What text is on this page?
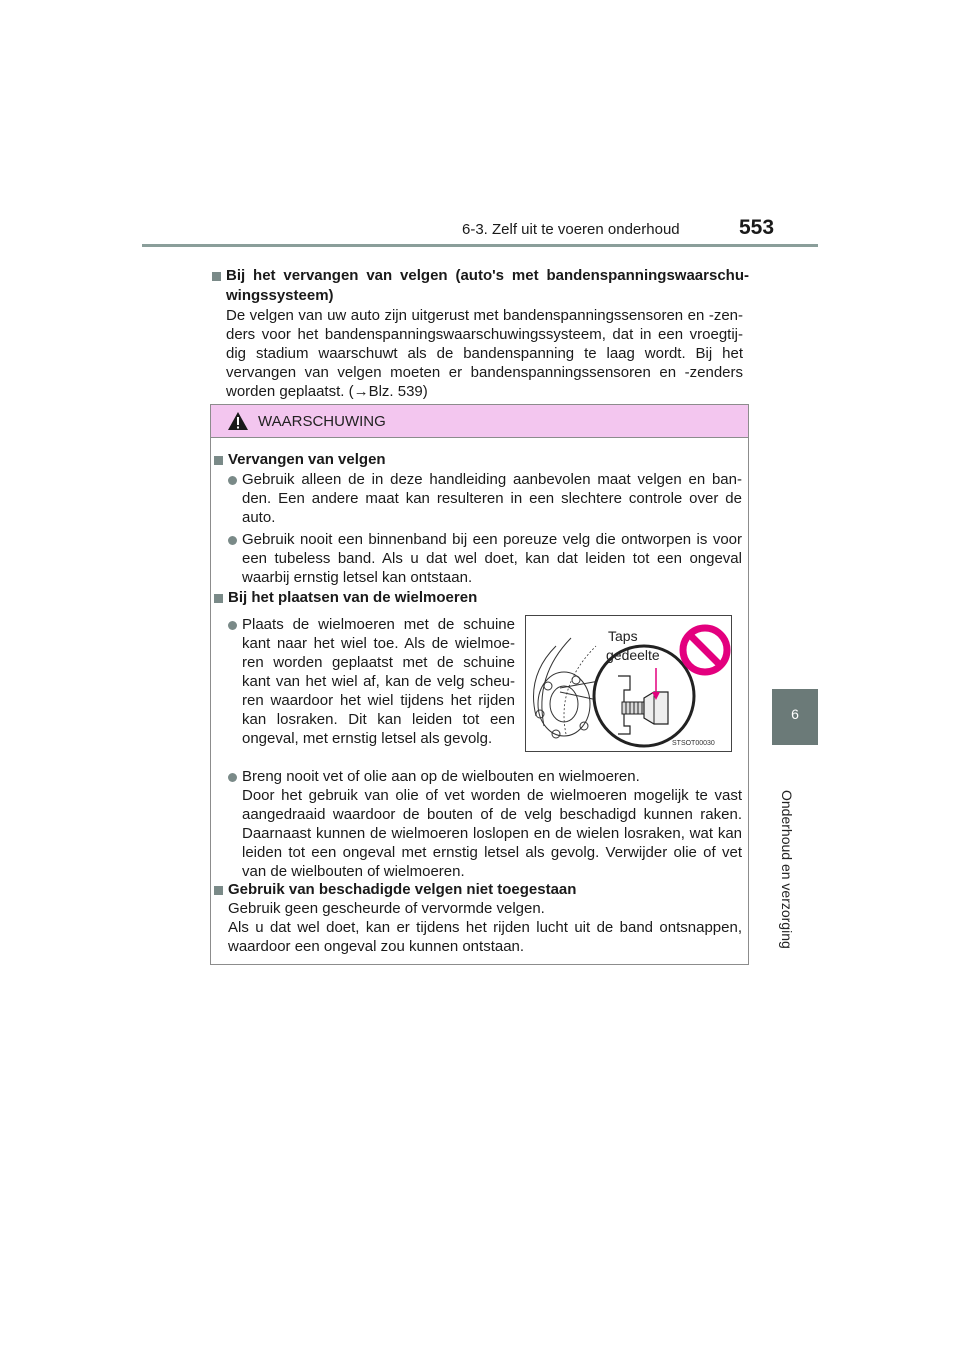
6-3. Zelf uit te voeren onderhoud	553
6
Onderhoud en verzorging
Bij het vervangen van velgen (auto's met bandenspanningswaarschu-
wingssysteem)
De velgen van uw auto zijn uitgerust met bandenspanningssensoren en -zen-
ders voor het bandenspanningswaarschuwingssysteem, dat in een vroegtij-
dig stadium waarschuwt als de bandenspanning te laag wordt. Bij het
vervangen van velgen moeten er bandenspanningssensoren en -zenders
worden geplaatst. (→Blz. 539)
WAARSCHUWING
Vervangen van velgen
Gebruik alleen de in deze handleiding aanbevolen maat velgen en ban-
den. Een andere maat kan resulteren in een slechtere controle over de
auto.
Gebruik nooit een binnenband bij een poreuze velg die ontworpen is voor
een tubeless band. Als u dat wel doet, kan dat leiden tot een ongeval
waarbij ernstig letsel kan ontstaan.
Bij het plaatsen van de wielmoeren
Plaats de wielmoeren met de schuine
kant naar het wiel toe. Als de wielmoe-
ren worden geplaatst met de schuine
kant van het wiel af, kan de velg scheu-
ren waardoor het wiel tijdens het rijden
kan losraken. Dit kan leiden tot een
ongeval, met ernstig letsel als gevolg.
Breng nooit vet of olie aan op de wielbouten en wielmoeren.
Door het gebruik van olie of vet worden de wielmoeren mogelijk te vast
aangedraaid waardoor de bouten of de velg beschadigd kunnen raken.
Daarnaast kunnen de wielmoeren loslopen en de wielen losraken, wat kan
leiden tot een ongeval met ernstig letsel als gevolg. Verwijder olie of vet
van de wielbouten of wielmoeren.
Gebruik van beschadigde velgen niet toegestaan
Gebruik geen gescheurde of vervormde velgen.
Als u dat wel doet, kan er tijdens het rijden lucht uit de band ontsnappen,
waardoor een ongeval zou kunnen ontstaan.
Taps
gedeelte
STSOT00030
